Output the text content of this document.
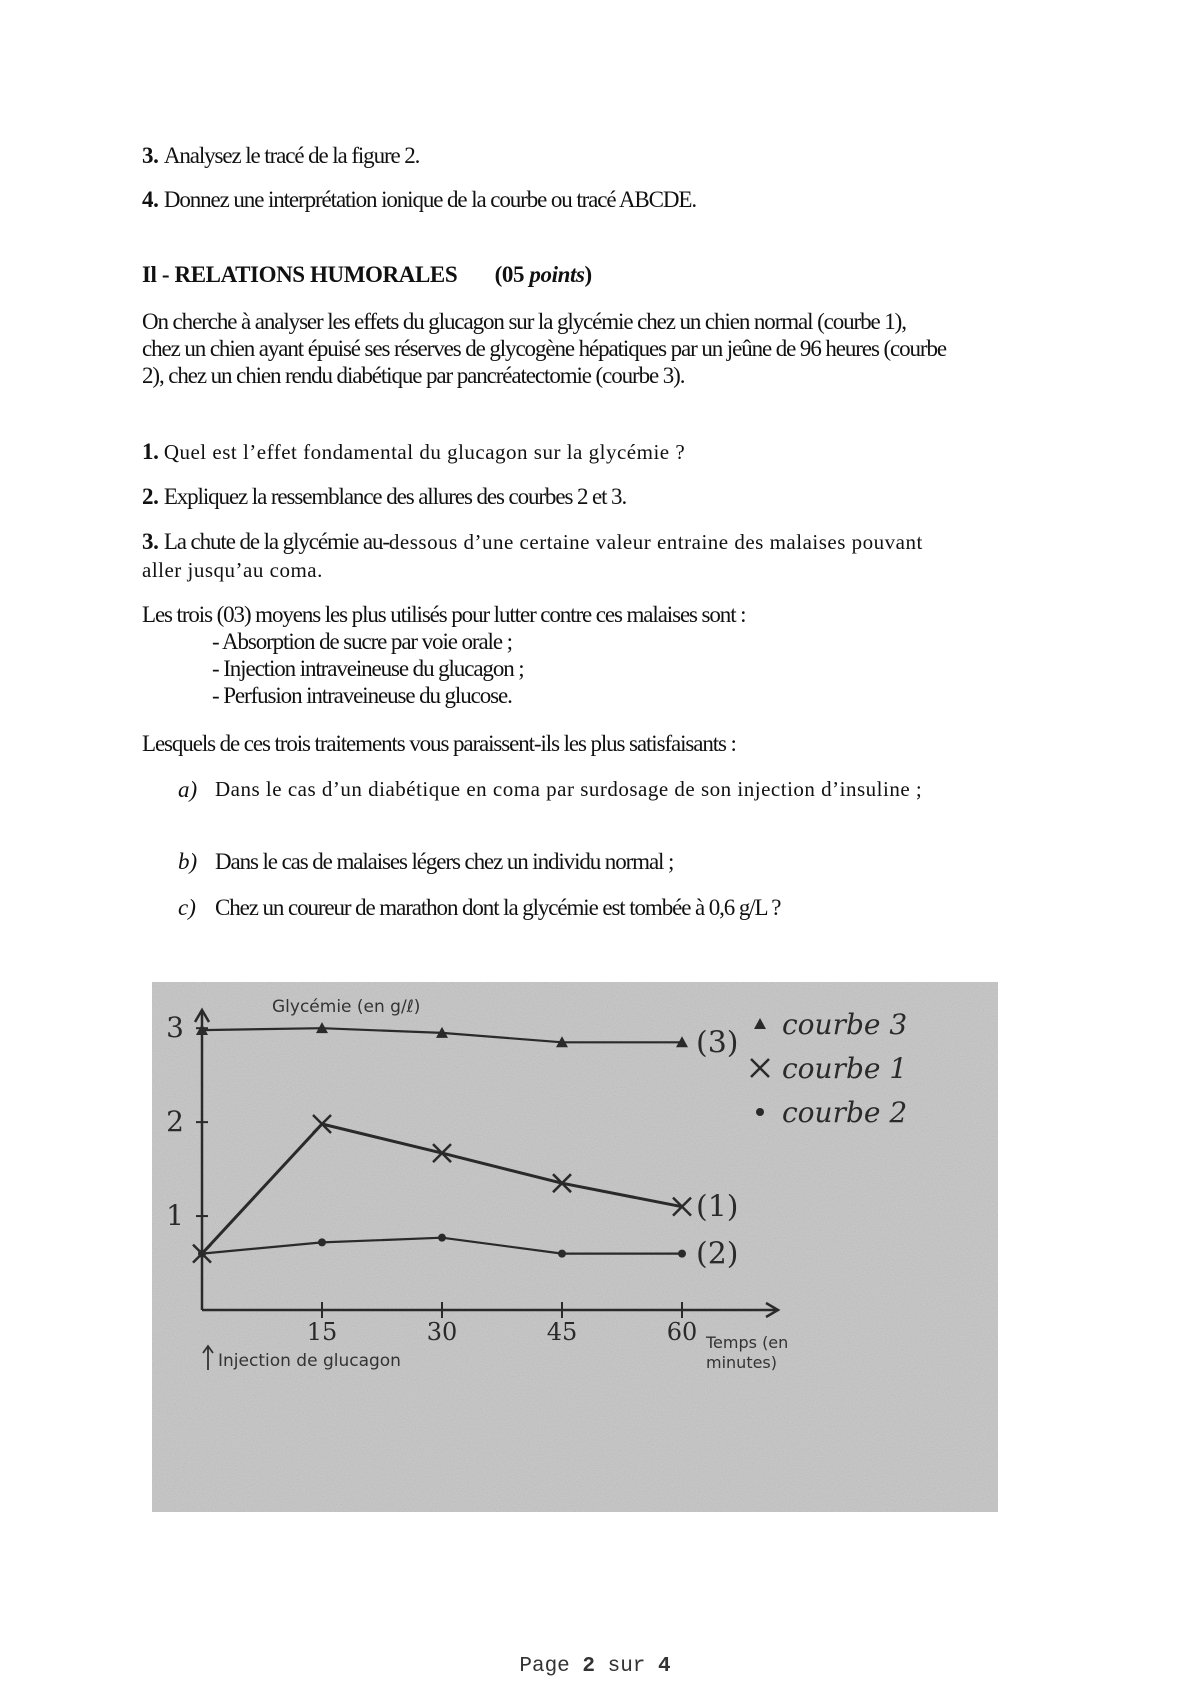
3. Analysez le tracé de la figure 2.
4. Donnez une interprétation ionique de la courbe ou tracé ABCDE.
Il - RELATIONS HUMORALES (05 points)
On cherche à analyser les effets du glucagon sur la glycémie chez un chien normal (courbe 1), chez un chien ayant épuisé ses réserves de glycogène hépatiques par un jeûne de 96 heures (courbe 2), chez un chien rendu diabétique par pancréatectomie (courbe 3).
1. Quel est l’effet fondamental du glucagon sur la glycémie ?
2. Expliquez la ressemblance des allures des courbes 2 et 3.
3. La chute de la glycémie au-dessous d’une certaine valeur entraine des malaises pouvant aller jusqu’au coma.
Les trois (03) moyens les plus utilisés pour lutter contre ces malaises sont :
- Absorption de sucre par voie orale ;
- Injection intraveineuse du glucagon ;
- Perfusion intraveineuse du glucose.
Lesquels de ces trois traitements vous paraissent-ils les plus satisfaisants :
a) Dans le cas d’un diabétique en coma par surdosage de son injection d’insuline ;
b) Dans le cas de malaises légers chez un individu normal ;
c) Chez un coureur de marathon dont la glycémie est tombée à 0,6 g/L ?
15	30	45	60
1
2
3	(3)
(1)
(2)
courbe 3
courbe 1
courbe 2
Glycémie (en g/ℓ)
Temps (en
minutes)
Injection de glucagon
Page 2 sur 4
